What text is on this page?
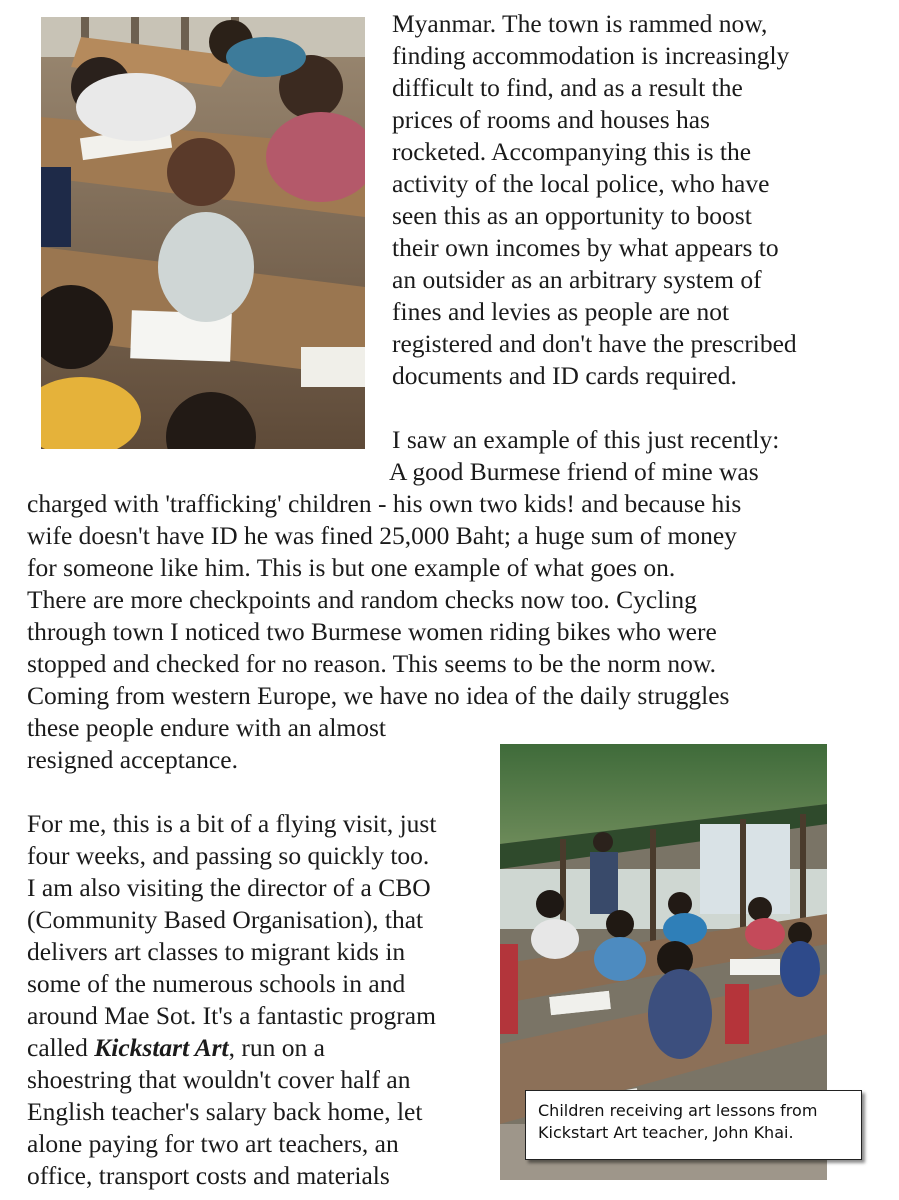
Myanmar. The town is rammed now,
finding accommodation is increasingly
difficult to find, and as a result the
prices of rooms and houses has
rocketed. Accompanying this is the
activity of the local police, who have
seen this as an opportunity to boost
their own incomes by what appears to
an outsider as an arbitrary system of
fines and levies as people are not
registered and don't have the prescribed
documents and ID cards required.
I saw an example of this just recently:
A good Burmese friend of mine was
charged with 'trafficking' children - his own two kids! and because his
wife doesn't have ID he was fined 25,000 Baht; a huge sum of money
for someone like him. This is but one example of what goes on.
There are more checkpoints and random checks now too. Cycling
through town I noticed two Burmese women riding bikes who were
stopped and checked for no reason. This seems to be the norm now.
Coming from western Europe, we have no idea of the daily struggles
these people endure with an almost
resigned acceptance.
For me, this is a bit of a flying visit, just
four weeks, and passing so quickly too.
I am also visiting the director of a CBO
(Community Based Organisation), that
delivers art classes to migrant kids in
some of the numerous schools in and
around Mae Sot. It's a fantastic program
called Kickstart Art, run on a
shoestring that wouldn't cover half an
English teacher's salary back home, let
alone paying for two art teachers, an
office, transport costs and materials
Children receiving art lessons from
Kickstart Art teacher, John Khai.
